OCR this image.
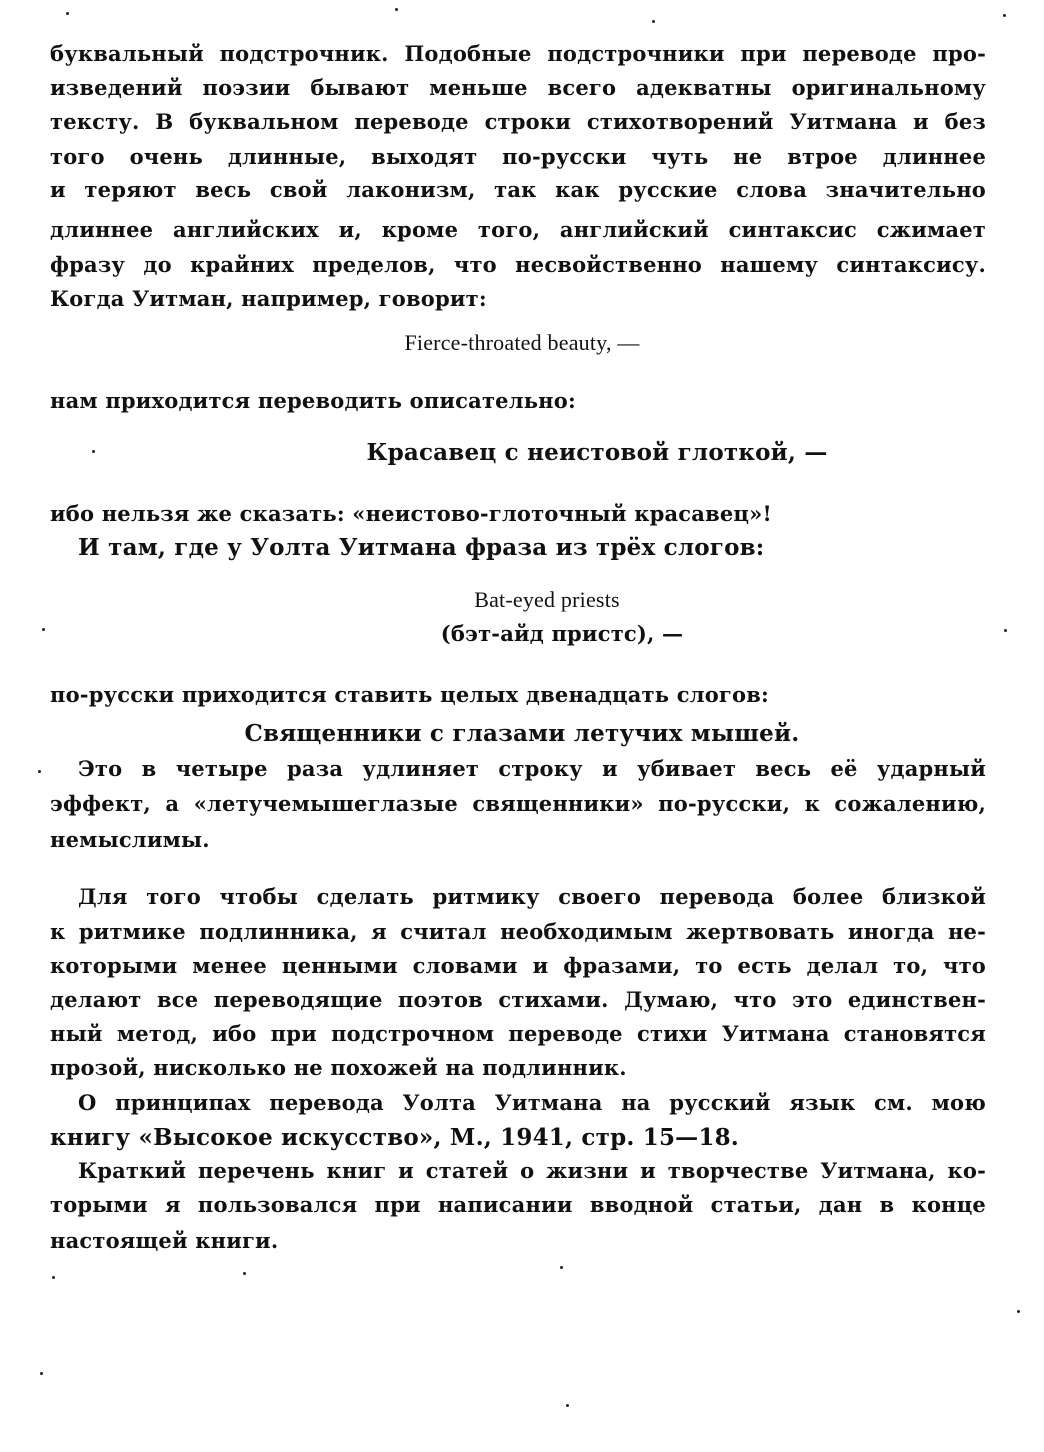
буквальный подстрочник. Подобные подстрочники при переводе про-
изведений поэзии бывают меньше всего адекватны оригинальному
тексту. В буквальном переводе строки стихотворений Уитмана и без
того очень длинные, выходят по-русски чуть не втрое длиннее
и теряют весь свой лаконизм, так как русские слова значительно
длиннее английских и, кроме того, английский синтаксис сжимает
фразу до крайних пределов, что несвойственно нашему синтаксису.
Когда Уитман, например, говорит:
Fierce-throated beauty, —
нам приходится переводить описательно:
Красавец с неистовой глоткой, —
ибо нельзя же сказать: «неистово-глоточный красавец»!
И там, где у Уолта Уитмана фраза из трёх слогов:
Bat-eyed priests
(бэт-айд пристс), —
по-русски приходится ставить целых двенадцать слогов:
Священники с глазами летучих мышей.
Это в четыре раза удлиняет строку и убивает весь её ударный
эффект, а «летучемышеглазые священники» по-русски, к сожалению,
немыслимы.
Для того чтобы сделать ритмику своего перевода более близкой
к ритмике подлинника, я считал необходимым жертвовать иногда не-
которыми менее ценными словами и фразами, то есть делал то, что
делают все переводящие поэтов стихами. Думаю, что это единствен-
ный метод, ибо при подстрочном переводе стихи Уитмана становятся
прозой, нисколько не похожей на подлинник.
О принципах перевода Уолта Уитмана на русский язык см. мою
книгу «Высокое искусство», М., 1941, стр. 15—18.
Краткий перечень книг и статей о жизни и творчестве Уитмана, ко-
торыми я пользовался при написании вводной статьи, дан в конце
настоящей книги.
